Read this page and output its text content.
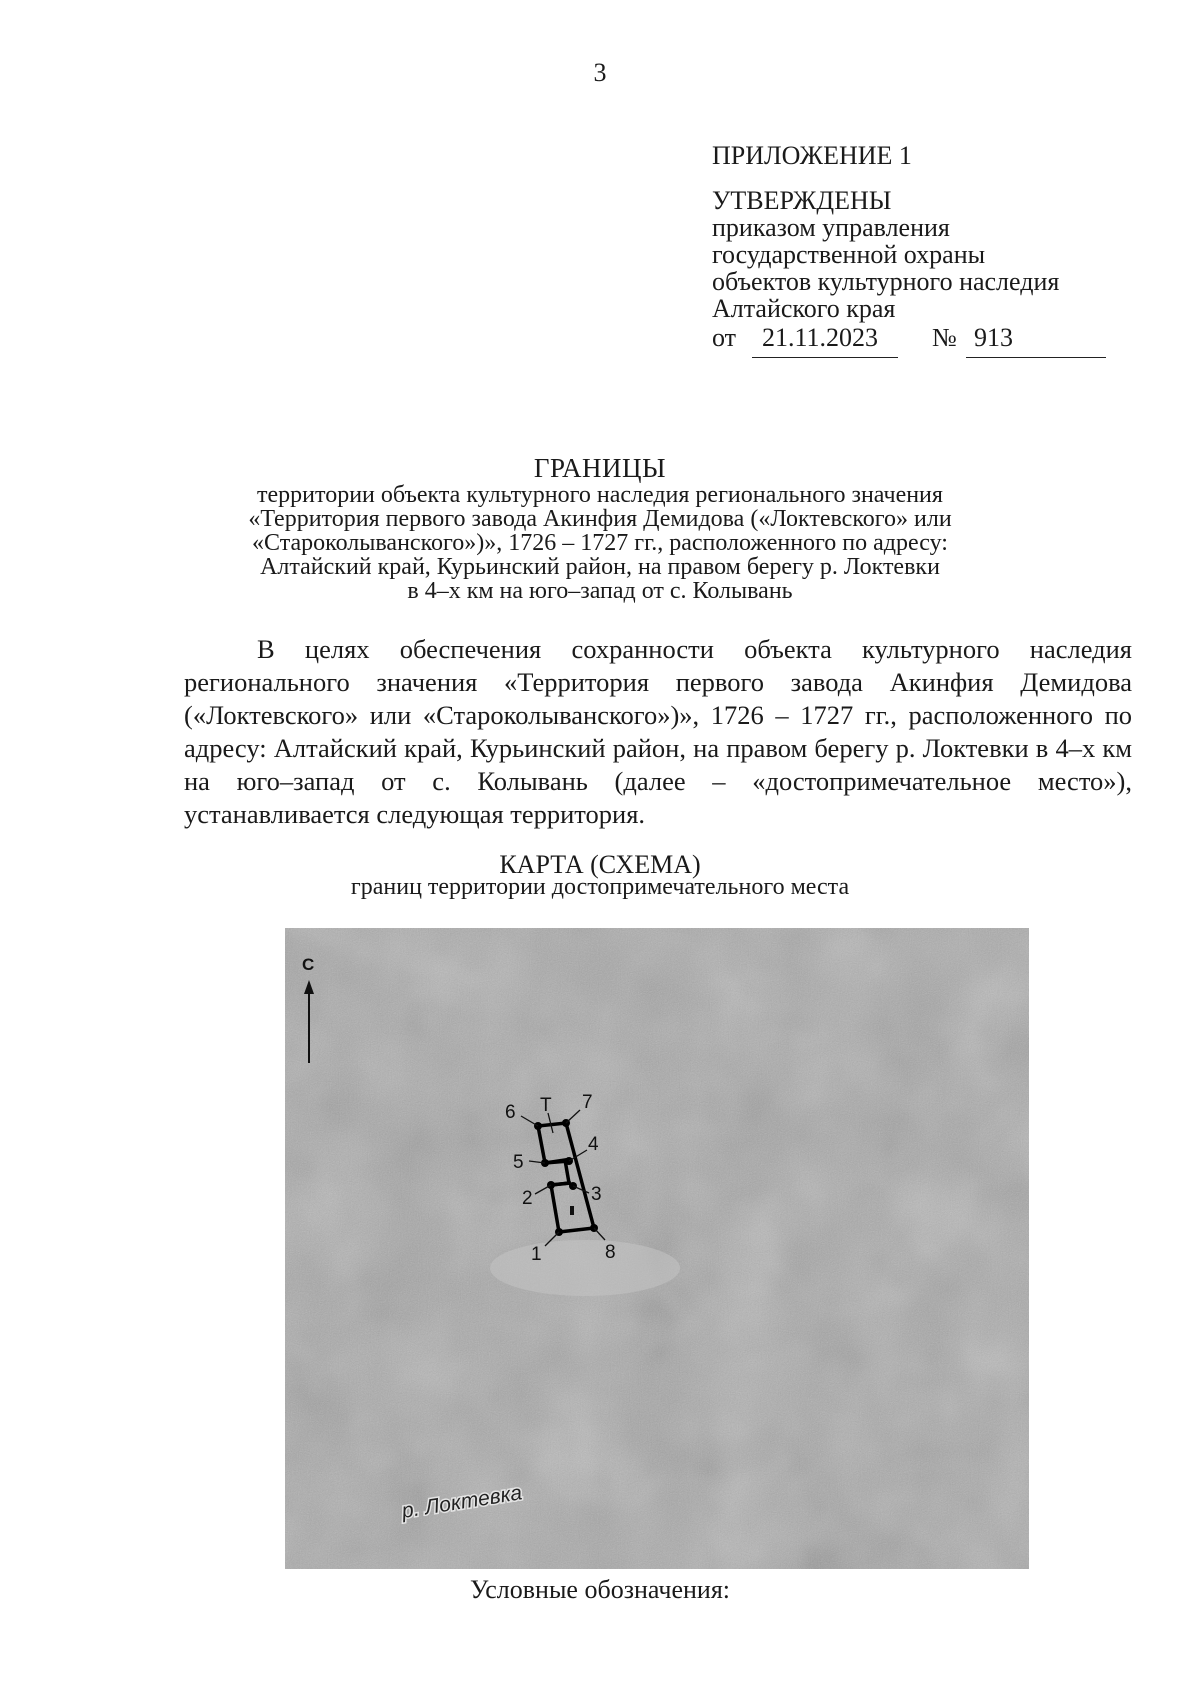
3
ПРИЛОЖЕНИЕ 1
УТВЕРЖДЕНЫ
приказом управления
государственной охраны
объектов культурного наследия
Алтайского края
от 21.11.2023 № 913
ГРАНИЦЫ
территории объекта культурного наследия регионального значения
«Территория первого завода Акинфия Демидова («Локтевского» или
«Староколыванского»)», 1726 – 1727 гг., расположенного по адресу:
Алтайский край, Курьинский район, на правом берегу р. Локтевки
в 4–х км на юго–запад от с. Колывань

В целях обеспечения сохранности объекта культурного наследия регионального значения «Территория первого завода Акинфия Демидова («Локтевского» или «Староколыванского»)», 1726 – 1727 гг., расположенного по адресу: Алтайский край, Курьинский район, на правом берегу р. Локтевки в 4–х км на юго–запад от с. Колывань (далее – «достопримечательное место»), устанавливается следующая территория.

КАРТА (СХЕМА)
границ территории достопримечательного места
С
1
2	3
4
5
6	7
8
Т
р. Локтевка
Условные обозначения:
